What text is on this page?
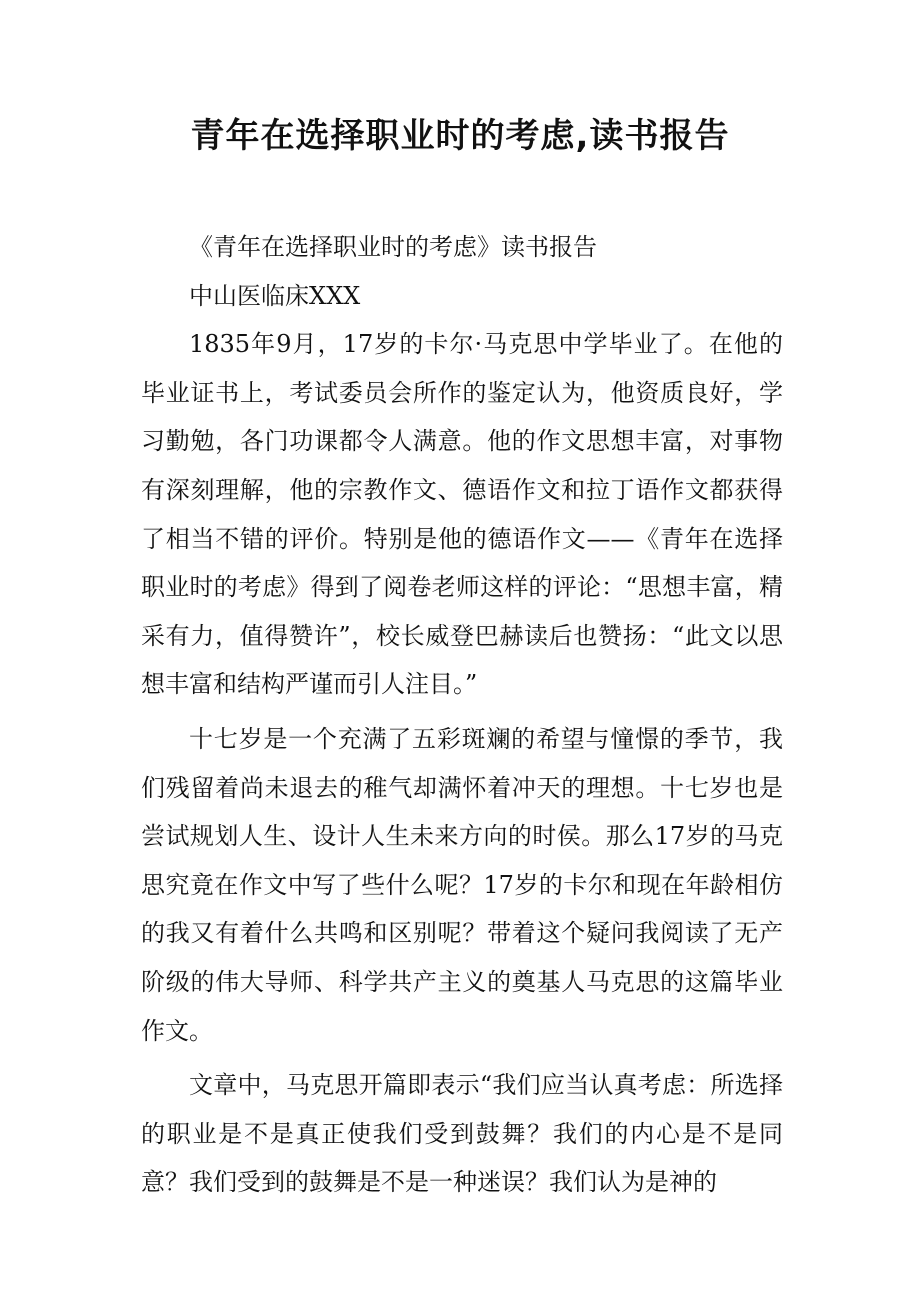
青年在选择职业时的考虑,读书报告

《青年在选择职业时的考虑》读书报告

中山医临床XXX

1835年9月，17岁的卡尔·马克思中学毕业了。在他的毕业证书上，考试委员会所作的鉴定认为，他资质良好，学习勤勉，各门功课都令人满意。他的作文思想丰富，对事物有深刻理解，他的宗教作文、德语作文和拉丁语作文都获得了相当不错的评价。特别是他的德语作文——《青年在选择职业时的考虑》得到了阅卷老师这样的评论：“思想丰富，精采有力，值得赞许”，校长威登巴赫读后也赞扬：“此文以思想丰富和结构严谨而引人注目。”

十七岁是一个充满了五彩斑斓的希望与憧憬的季节，我们残留着尚未退去的稚气却满怀着冲天的理想。十七岁也是尝试规划人生、设计人生未来方向的时侯。那么17岁的马克思究竟在作文中写了些什么呢？17岁的卡尔和现在年龄相仿的我又有着什么共鸣和区别呢？带着这个疑问我阅读了无产阶级的伟大导师、科学共产主义的奠基人马克思的这篇毕业作文。

文章中，马克思开篇即表示“我们应当认真考虑：所选择的职业是不是真正使我们受到鼓舞？我们的内心是不是同意？我们受到的鼓舞是不是一种迷误？我们认为是神的
